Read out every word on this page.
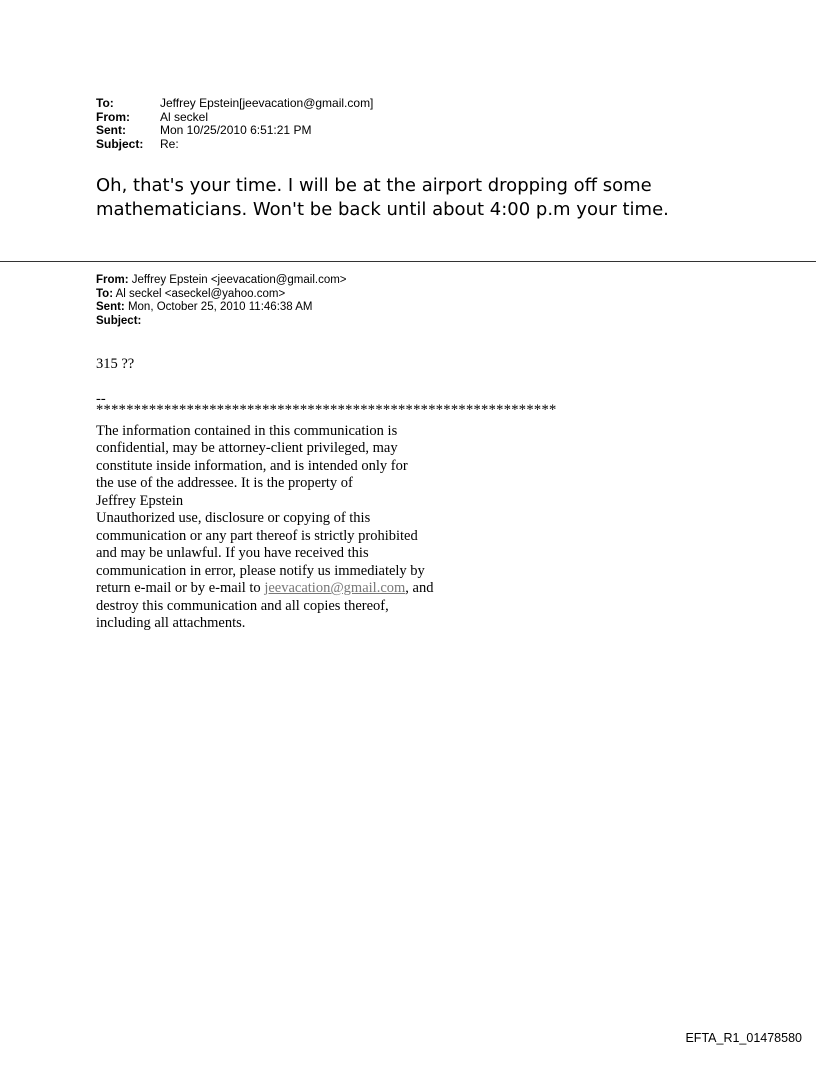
To:	Jeffrey Epstein[jeevacation@gmail.com]
From:	Al seckel
Sent:	Mon 10/25/2010 6:51:21 PM
Subject:	Re:
Oh, that's your time. I will be at the airport dropping off some
mathematicians. Won't be back until about 4:00 p.m your time.
From: Jeffrey Epstein <jeevacation@gmail.com>
To: Al seckel <aseckel@yahoo.com>
Sent: Mon, October 25, 2010 11:46:38 AM
Subject:
315 ??
--
*************************************************************
The information contained in this communication is
confidential, may be attorney-client privileged, may
constitute inside information, and is intended only for
the use of the addressee. It is the property of
Jeffrey Epstein
Unauthorized use, disclosure or copying of this
communication or any part thereof is strictly prohibited
and may be unlawful. If you have received this
communication in error, please notify us immediately by
return e-mail or by e-mail to jeevacation@gmail.com, and
destroy this communication and all copies thereof,
including all attachments.
EFTA_R1_01478580
